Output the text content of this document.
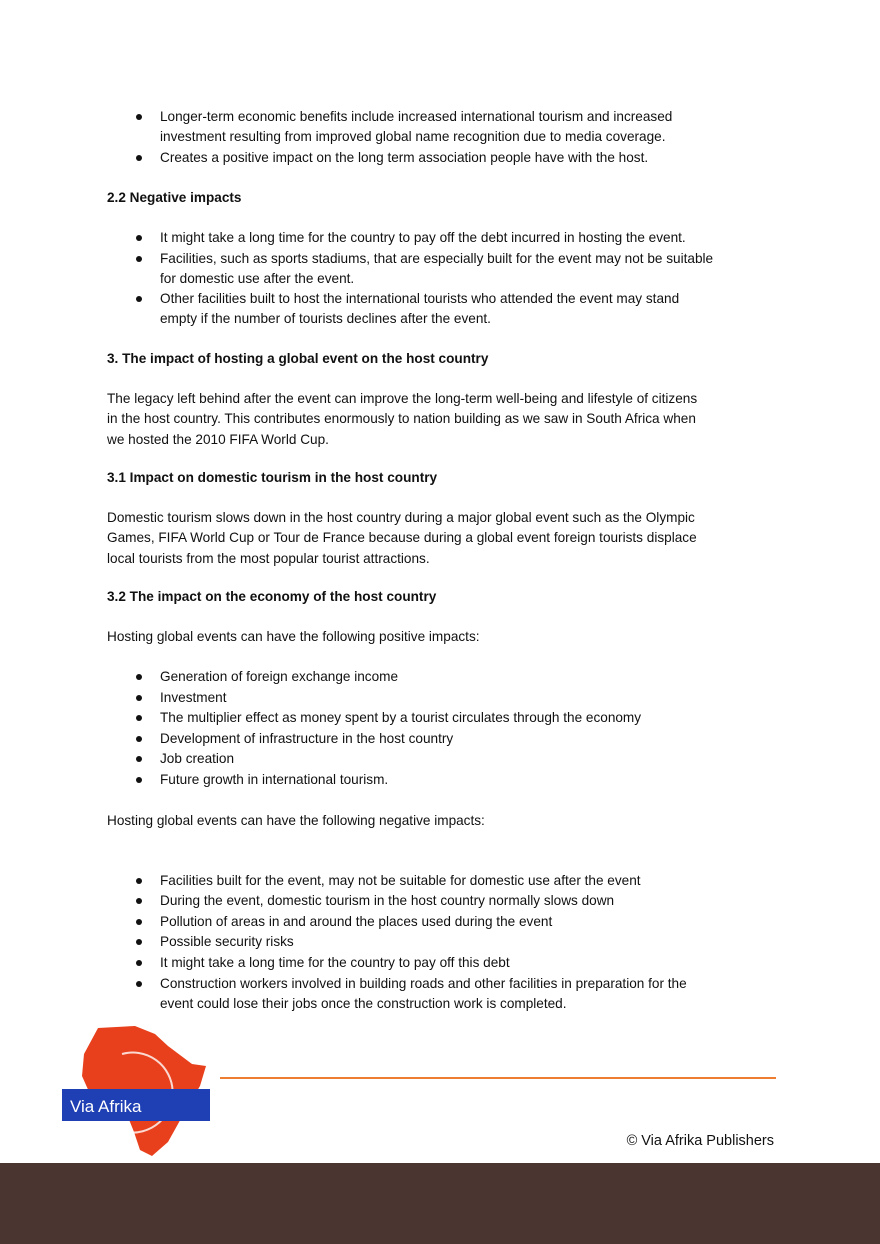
Longer-term economic benefits include increased international tourism and increased
investment resulting from improved global name recognition due to media coverage.
Creates a positive impact on the long term association people have with the host.
2.2 Negative impacts
It might take a long time for the country to pay off the debt incurred in hosting the event.
Facilities, such as sports stadiums, that are especially built for the event may not be suitable
for domestic use after the event.
Other facilities built to host the international tourists who attended the event may stand
empty if the number of tourists declines after the event.
3. The impact of hosting a global event on the host country
The legacy left behind after the event can improve the long-term well-being and lifestyle of citizens
in the host country. This contributes enormously to nation building as we saw in South Africa when
we hosted the 2010 FIFA World Cup.
3.1 Impact on domestic tourism in the host country
Domestic tourism slows down in the host country during a major global event such as the Olympic
Games, FIFA World Cup or Tour de France because during a global event foreign tourists displace
local tourists from the most popular tourist attractions.
3.2 The impact on the economy of the host country
Hosting global events can have the following positive impacts:
Generation of foreign exchange income
Investment
The multiplier effect as money spent by a tourist circulates through the economy
Development of infrastructure in the host country
Job creation
Future growth in international tourism.
Hosting global events can have the following negative impacts:
Facilities built for the event, may not be suitable for domestic use after the event
During the event, domestic tourism in the host country normally slows down
Pollution of areas in and around the places used during the event
Possible security risks
It might take a long time for the country to pay off this debt
Construction workers involved in building roads and other facilities in preparation for the
event could lose their jobs once the construction work is completed.
Via Afrika
© Via Afrika Publishers
